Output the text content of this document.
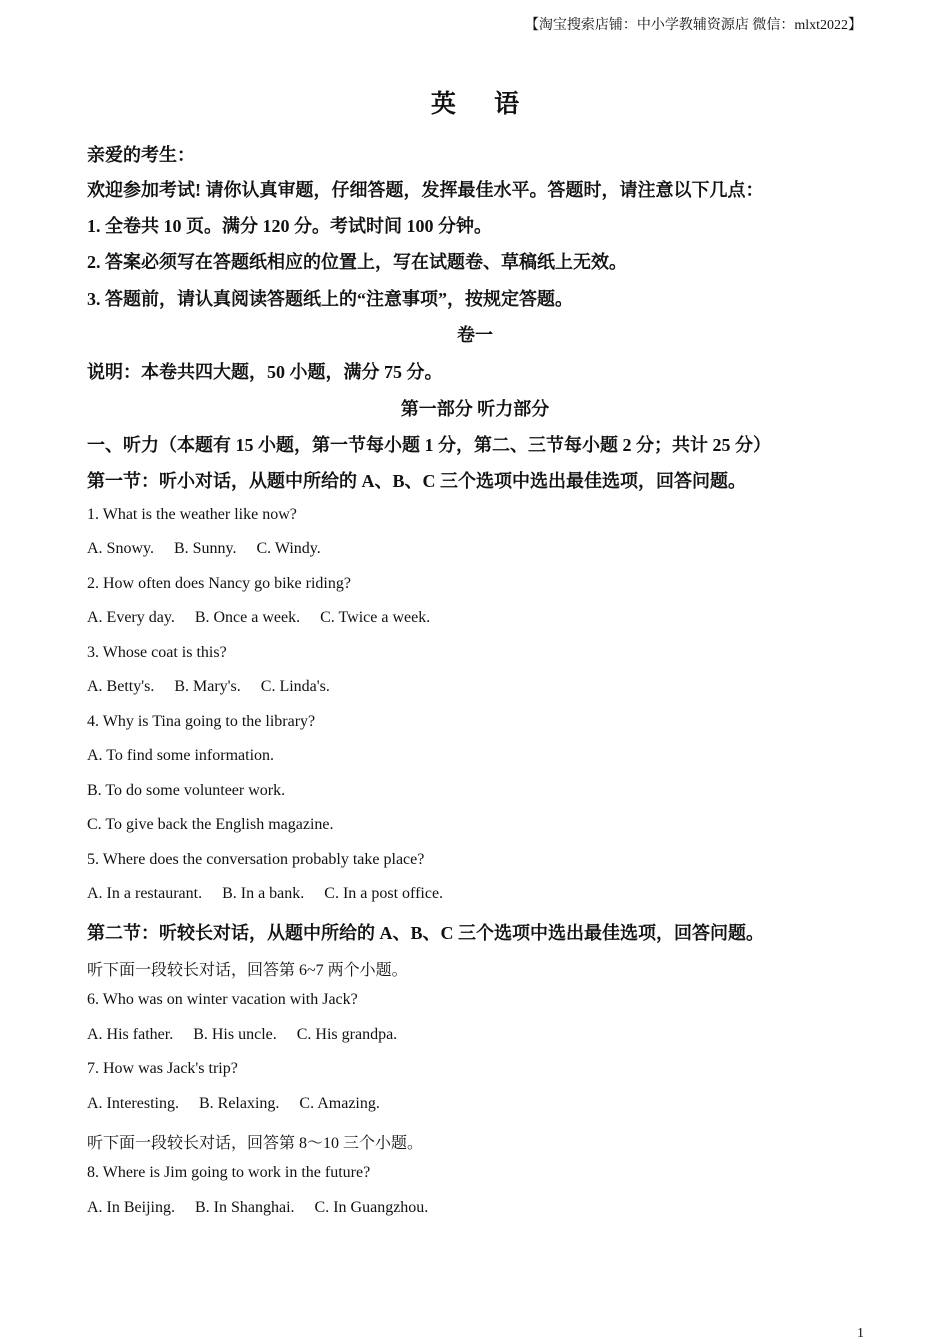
【淘宝搜索店铺：中小学教辅资源店 微信：mlxt2022】
英 语
亲爱的考生：
欢迎参加考试! 请你认真审题，仔细答题，发挥最佳水平。答题时，请注意以下几点：
1. 全卷共 10 页。满分 120 分。考试时间 100 分钟。
2. 答案必须写在答题纸相应的位置上，写在试题卷、草稿纸上无效。
3. 答题前，请认真阅读答题纸上的“注意事项”，按规定答题。
卷一
说明：本卷共四大题，50 小题，满分 75 分。
第一部分 听力部分
一、听力（本题有 15 小题，第一节每小题 1 分，第二、三节每小题 2 分；共计 25 分）
第一节：听小对话，从题中所给的 A、B、C 三个选项中选出最佳选项，回答问题。
1. What is the weather like now?
A. Snowy. B. Sunny. C. Windy.
2. How often does Nancy go bike riding?
A. Every day. B. Once a week. C. Twice a week.
3. Whose coat is this?
A. Betty's. B. Mary's. C. Linda's.
4. Why is Tina going to the library?
A. To find some information.
B. To do some volunteer work.
C. To give back the English magazine.
5. Where does the conversation probably take place?
A. In a restaurant. B. In a bank. C. In a post office.
第二节：听较长对话，从题中所给的 A、B、C 三个选项中选出最佳选项，回答问题。
听下面一段较长对话，回答第 6~7 两个小题。
6. Who was on winter vacation with Jack?
A. His father. B. His uncle. C. His grandpa.
7. How was Jack's trip?
A. Interesting. B. Relaxing. C. Amazing.
听下面一段较长对话，回答第 8～10 三个小题。
8. Where is Jim going to work in the future?
A. In Beijing. B. In Shanghai. C. In Guangzhou.
1
